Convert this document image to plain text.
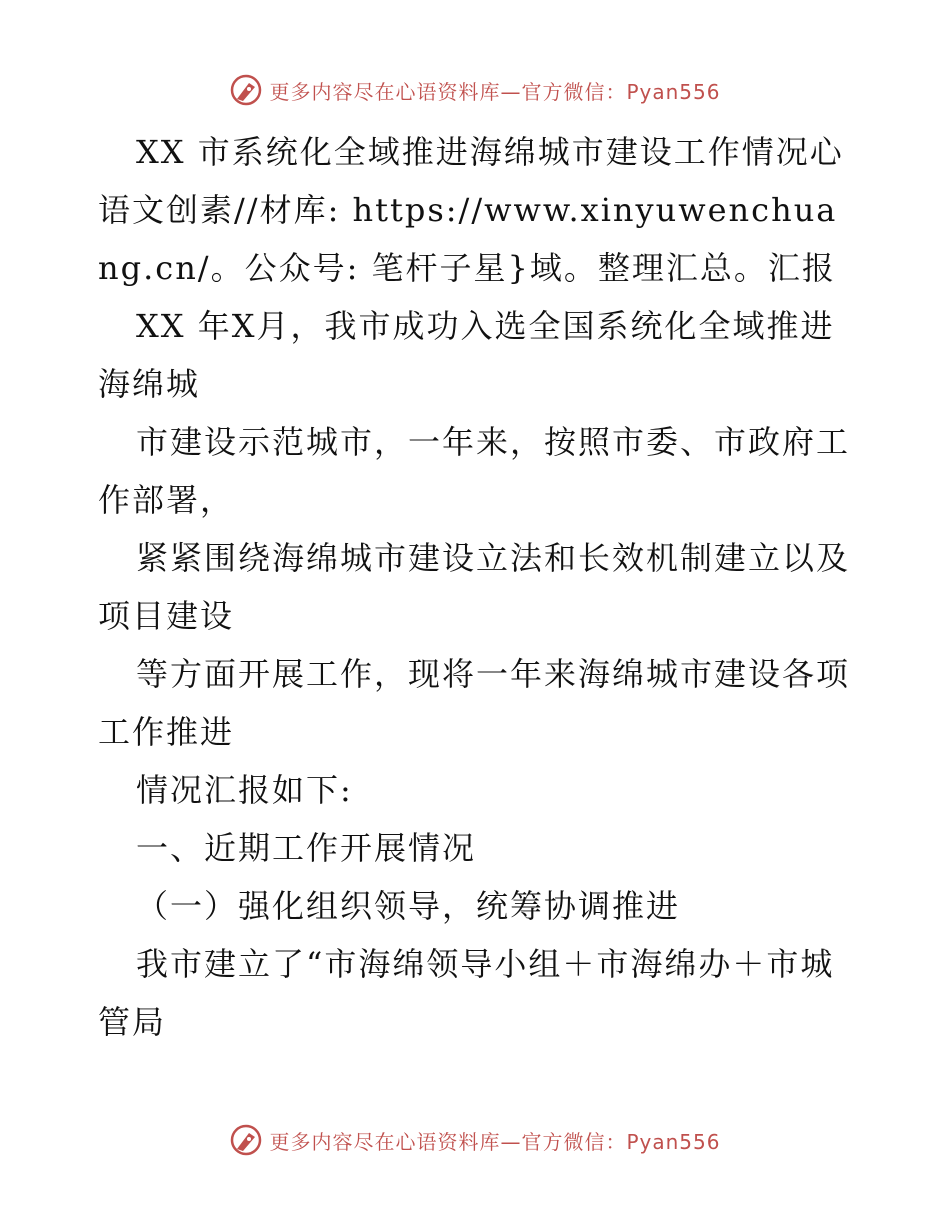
更多内容尽在心语资料库—官方微信：Pyan556

XX 市系统化全域推进海绵城市建设工作情况心语文创素//材库: https://www.xinyuwenchuang.cn/。公众号: 笔杆子星}域。整理汇总。汇报

XX 年X月，我市成功入选全国系统化全域推进海绵城

市建设示范城市，一年来，按照市委、市政府工作部署，

紧紧围绕海绵城市建设立法和长效机制建立以及项目建设

等方面开展工作，现将一年来海绵城市建设各项工作推进

情况汇报如下:

一、近期工作开展情况

（一）强化组织领导，统筹协调推进

我市建立了“市海绵领导小组＋市海绵办＋市城管局

更多内容尽在心语资料库—官方微信：Pyan556
